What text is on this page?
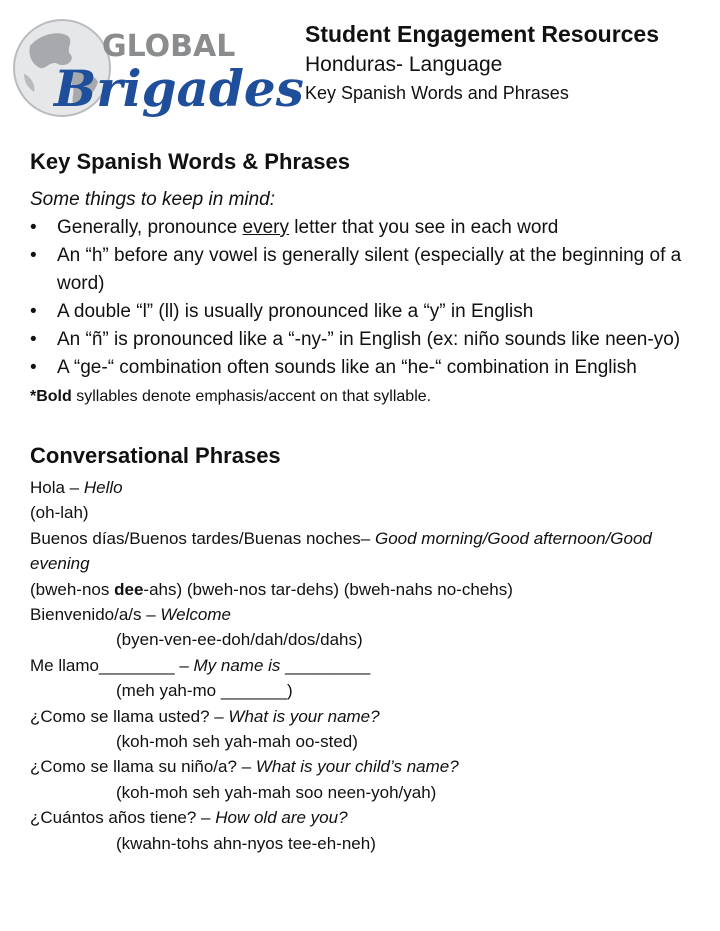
GLOBAL
Brigades
Student Engagement Resources
Honduras- Language
Key Spanish Words and Phrases
Key Spanish Words & Phrases
Some things to keep in mind:
• Generally, pronounce every letter that you see in each word
• An “h” before any vowel is generally silent (especially at the beginning of a word)
• A double “l” (ll) is usually pronounced like a “y” in English
• An “ñ” is pronounced like a “-ny-” in English (ex: niño sounds like neen-yo)
• A “ge-“ combination often sounds like an “he-“ combination in English
*Bold syllables denote emphasis/accent on that syllable.
Conversational Phrases
Hola – Hello
(oh-lah)
Buenos días/Buenos tardes/Buenas noches– Good morning/Good afternoon/Good evening
(bweh-nos dee-ahs) (bweh-nos tar-dehs) (bweh-nahs no-chehs)
Bienvenido/a/s – Welcome
(byen-ven-ee-doh/dah/dos/dahs)
Me llamo________ – My name is _________
(meh yah-mo _______)
¿Como se llama usted? – What is your name?
(koh-moh seh yah-mah oo-sted)
¿Como se llama su niño/a? – What is your child’s name?
(koh-moh seh yah-mah soo neen-yoh/yah)
¿Cuántos años tiene? – How old are you?
(kwahn-tohs ahn-nyos tee-eh-neh)
